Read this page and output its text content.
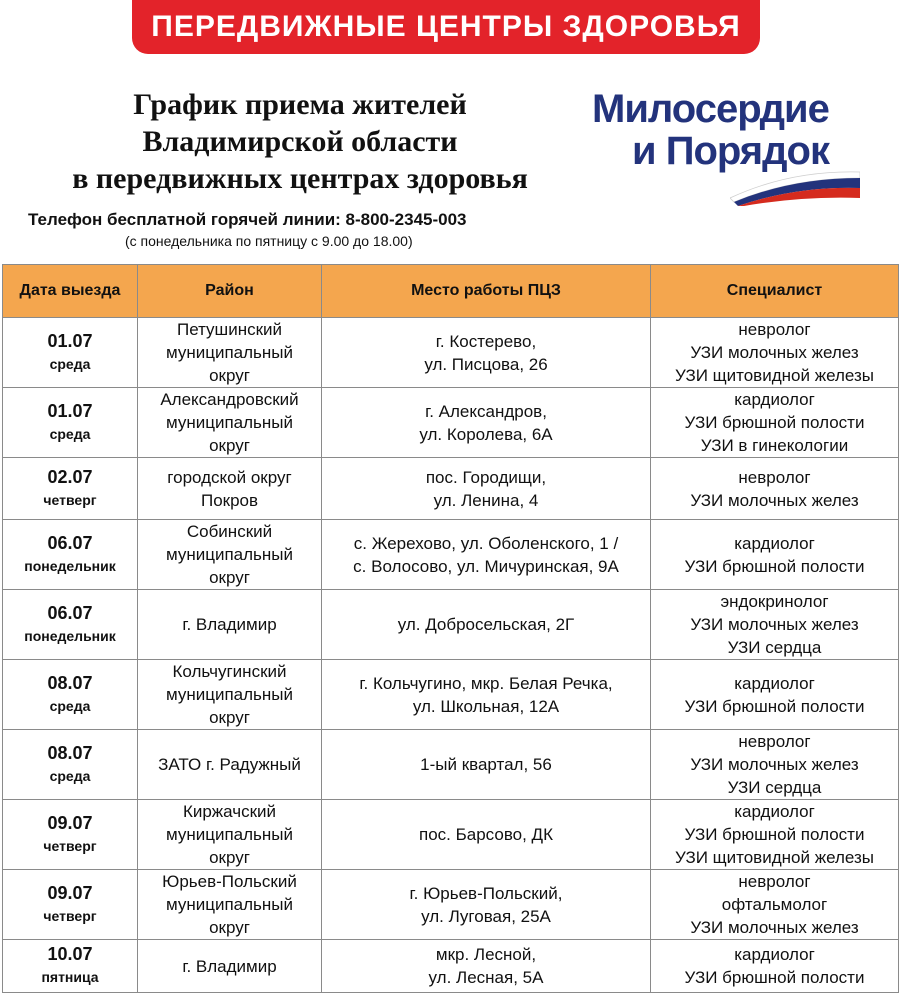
ПЕРЕДВИЖНЫЕ ЦЕНТРЫ ЗДОРОВЬЯ
График приема жителей
Владимирской области
в передвижных центрах здоровья
Милосердие
и Порядок
Телефон бесплатной горячей линии: 8-800-2345-003
(с понедельника по пятницу с 9.00 до 18.00)
Дата выезда	Район	Место работы ПЦЗ	Специалист

01.07
среда	Петушинский
муниципальный
округ	г. Костерево,
ул. Писцова, 26	невролог
УЗИ молочных желез
УЗИ щитовидной железы

01.07
среда	Александровский
муниципальный
округ	г. Александров,
ул. Королева, 6А	кардиолог
УЗИ брюшной полости
УЗИ в гинекологии

02.07
четверг	городской округ
Покров	пос. Городищи,
ул. Ленина, 4	невролог
УЗИ молочных желез

06.07
понедельник	Собинский
муниципальный
округ	с. Жерехово, ул. Оболенского, 1 /
с. Волосово, ул. Мичуринская, 9А	кардиолог
УЗИ брюшной полости

06.07
понедельник	г. Владимир	ул. Добросельская, 2Г	эндокринолог
УЗИ молочных желез
УЗИ сердца

08.07
среда	Кольчугинский
муниципальный
округ	г. Кольчугино, мкр. Белая Речка,
ул. Школьная, 12А	кардиолог
УЗИ брюшной полости

08.07
среда	ЗАТО г. Радужный	1-ый квартал, 56	невролог
УЗИ молочных желез
УЗИ сердца

09.07
четверг	Киржачский
муниципальный
округ	пос. Барсово, ДК	кардиолог
УЗИ брюшной полости
УЗИ щитовидной железы

09.07
четверг	Юрьев-Польский
муниципальный
округ	г. Юрьев-Польский,
ул. Луговая, 25А	невролог
офтальмолог
УЗИ молочных желез

10.07
пятница	г. Владимир	мкр. Лесной,
ул. Лесная, 5А	кардиолог
УЗИ брюшной полости
